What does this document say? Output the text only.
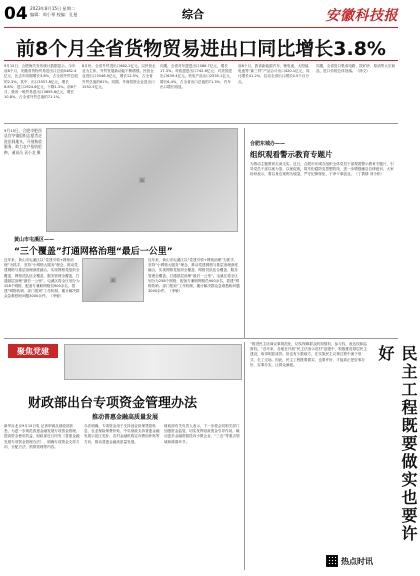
04 2023年8月15日 星期二
编辑：周小琴 校编：孔曼	综合	安徽科技报
前8个月全省货物贸易进出口同比增长3.8%
9月15日，合肥海关发布统计数据显示，今年前8个月，安徽省货物贸易进出口总值5482.4亿元，比去年同期增长3.8%，占全国外贸总值的2.3%。其中，出口3557.8亿元，增长6.8%；进口1924.6亿元，下降1.3%。前8个月，我省一般贸易进出口3895.6亿元，增长10.8%，占全省外贸总值的71.1%。
8月份，全省外贸进出口662.2亿元。以民营企业为主体，外贸发展新动能不断增强。民营企业进出口3346.9亿元，增长12.5%，占全省外贸总值的61%。同期，外商投资企业进出口1552.5亿元。
同期，全省对东盟进出口586.7亿元，增长17.3%；对欧盟进出口742.6亿元；对美国进出口639.4亿元。机电产品出口2535.1亿元，增长6.4%，占全省出口总值的71.3%；汽车出口增长明显。
前8个月，我省新能源汽车、锂电池、太阳能电池等“新三样”产品合计出口420.1亿元，同比增长41.2%，拉动全省出口增长4.5个百分点。
同期，全省进口集成电路、铁矿砂、原油等大宗商品，进口价格总体回落。（徐文）
9月15日，合肥市肥西县官亭镇组织志愿者走进田间地头，开展秋收服务，助力农户抢收抢种。通讯员 袁小龙 摄
▣
黄山市屯溪区——
“三个覆盖”打通网格治理“最后一公里”
▣
近年来，黄山市屯溪区以“党建引领+网格治理”为抓手，坚持“小网格大服务”理念，推动党建网格与基层治理深度融合，实现网格党组织全覆盖、网格员队伍全覆盖、服务管理全覆盖，打通基层治理“最后一公里”。屯溪区将全区划分为258个网格，配备专兼职网格员900余名，搭建“网格吹哨、部门报到”工作机制，累计解决群众急难愁盼问题3000余件。（李敏）
近年来，黄山市屯溪区以“党建引领+网格治理”为抓手，坚持“小网格大服务”理念，推动党建网格与基层治理深度融合，实现网格党组织全覆盖、网格员队伍全覆盖、服务管理全覆盖，打通基层治理“最后一公里”。屯溪区将全区划分为258个网格，配备专兼职网格员900余名，搭建“网格吹哨、部门报到”工作机制，累计解决群众急难愁盼问题3000余件。（李敏）
合肥东城办——
组织观看警示教育专题片
为推动主题教育走深走实，近日，合肥市东城办组织全体党员干部观看警示教育专题片，引导党员干部以案为鉴、以案促改，筑牢拒腐防变思想防线，进一步增强廉洁自律意识。大家纷纷表示，要以身边案例为镜鉴，严守纪律规矩，干净干事创业。（丁倩倩 刘小松）
聚焦党建
财政部出台专项资金管理办法
推动普惠金融高质量发展
新华社北京9月15日电 记者申铖从财政部获悉，为进一步规范普惠金融发展专项资金管理，提高资金使用效益，财政部近日印发《普惠金融发展专项资金管理办法》，明确专项资金支持方向、分配方法、预算管理等内容。
办法明确，专项资金用于支持创业担保贷款贴息、农业保险保费补贴、中央财政支持普惠金融发展示范区奖补、农村金融机构定向费用补贴等方向，推动普惠金融高质量发展。
财政部有关负责人表示，下一步将会同相关部门加强资金监管，切实发挥财政资金引导作用，撬动更多金融资源投向小微企业、“三农”等重点领域和薄弱环节。	民主工程既要做实也要许好
“推进民主协商议事规范化，切实保障群众的知情权、参与权、表达权和监督权。”近年来，各地在开展“民主法治示范村”创建中，积极推进基层民主建设，取得明显成效。但也有少数地方，在实施民主议事过程中流于形式，走了过场。因此，民主工程既要做实，也要许好，才能真正把好事办好、实事办实，让群众满意。
热点时讯
